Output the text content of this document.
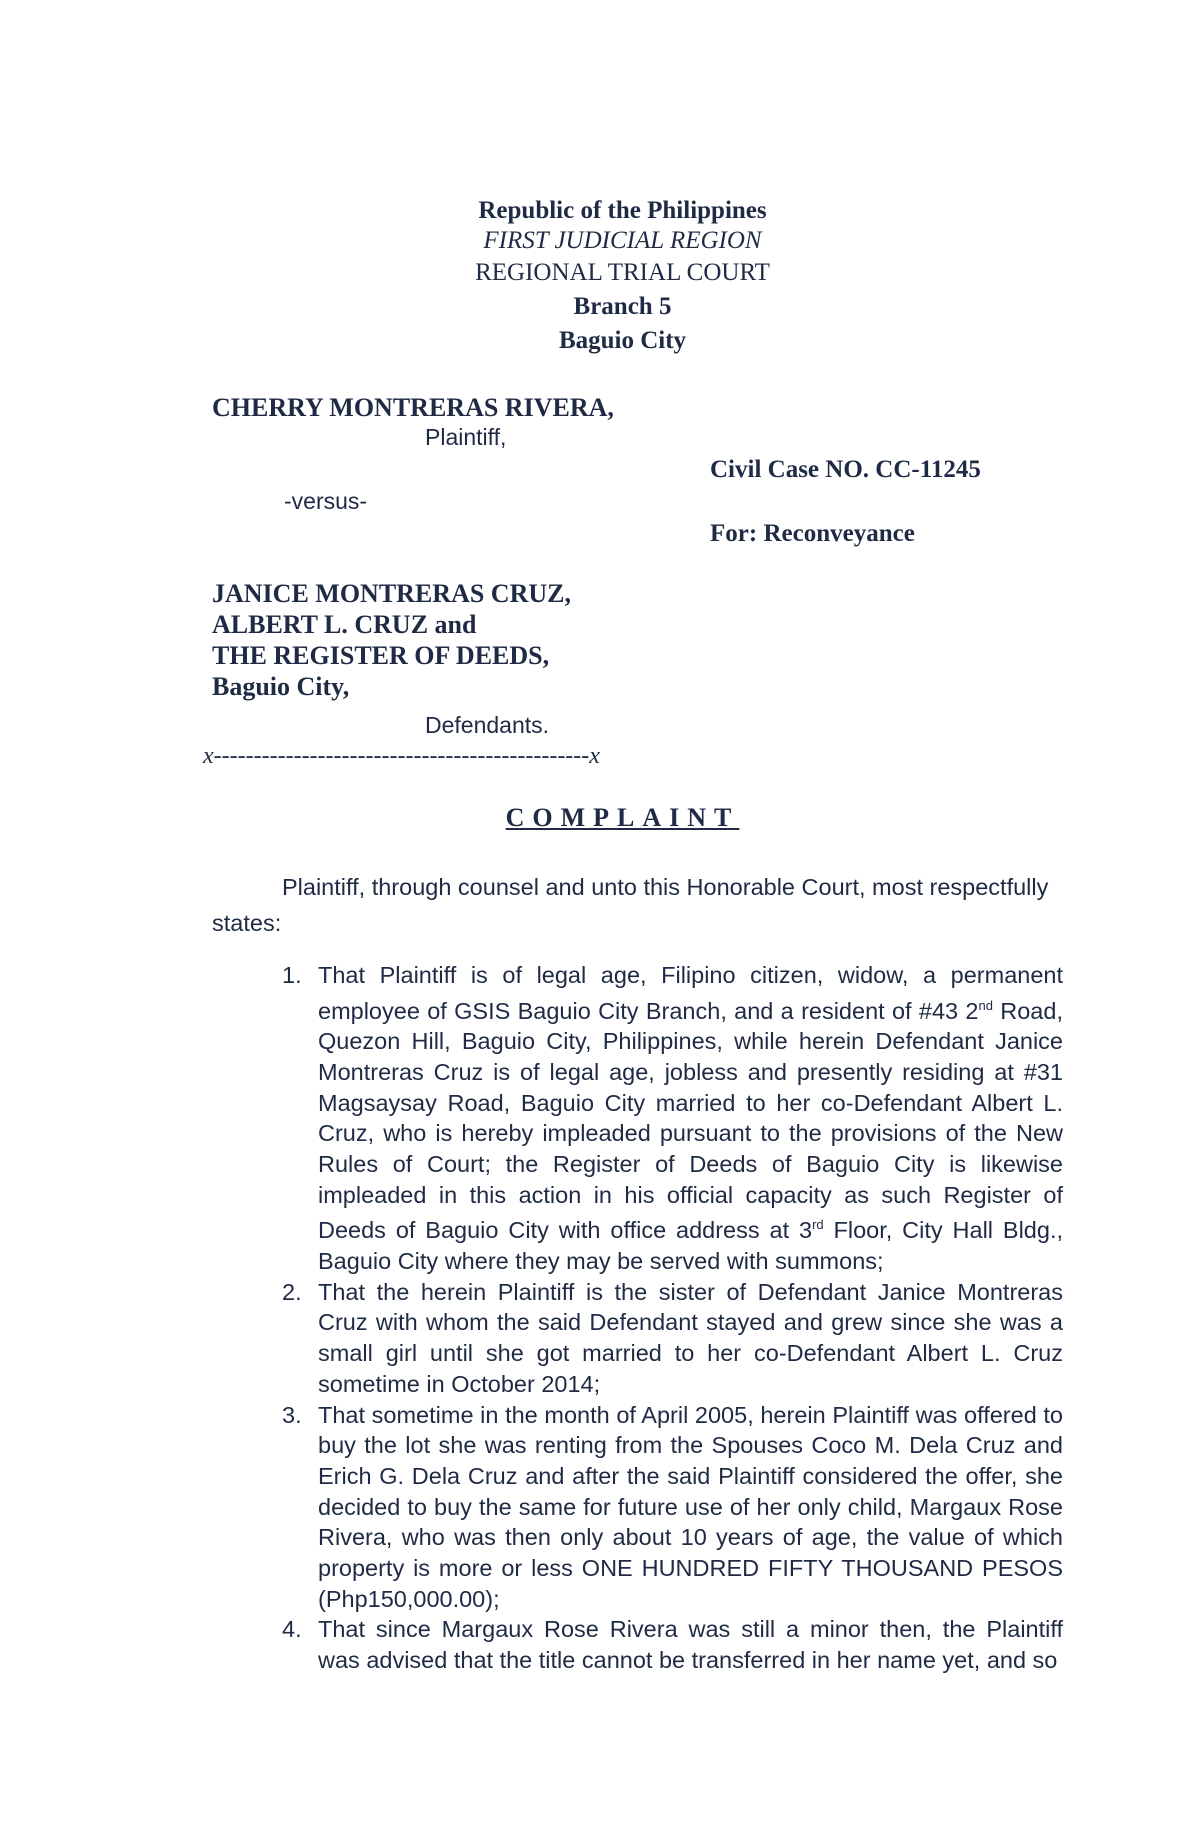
Republic of the Philippines
FIRST JUDICIAL REGION
REGIONAL TRIAL COURT
Branch 5
Baguio City
CHERRY MONTRERAS RIVERA,
Plaintiff,
Civil Case NO. CC-11245
-versus-
For: Reconveyance
JANICE MONTRERAS CRUZ,
ALBERT L. CRUZ and
THE REGISTER OF DEEDS,
Baguio City,
Defendants.
x-----------------------------------------------x
COMPLAINT
Plaintiff, through counsel and unto this Honorable Court, most respectfully
states:
1. That Plaintiff is of legal age, Filipino citizen, widow, a permanent employee of GSIS Baguio City Branch, and a resident of #43 2nd Road, Quezon Hill, Baguio City, Philippines, while herein Defendant Janice Montreras Cruz is of legal age, jobless and presently residing at #31 Magsaysay Road, Baguio City married to her co-Defendant Albert L. Cruz, who is hereby impleaded pursuant to the provisions of the New Rules of Court; the Register of Deeds of Baguio City is likewise impleaded in this action in his official capacity as such Register of Deeds of Baguio City with office address at 3rd Floor, City Hall Bldg., Baguio City where they may be served with summons;
2. That the herein Plaintiff is the sister of Defendant Janice Montreras Cruz with whom the said Defendant stayed and grew since she was a small girl until she got married to her co-Defendant Albert L. Cruz sometime in October 2014;
3. That sometime in the month of April 2005, herein Plaintiff was offered to buy the lot she was renting from the Spouses Coco M. Dela Cruz and Erich G. Dela Cruz and after the said Plaintiff considered the offer, she decided to buy the same for future use of her only child, Margaux Rose Rivera, who was then only about 10 years of age, the value of which property is more or less ONE HUNDRED FIFTY THOUSAND PESOS (Php150,000.00);
4. That since Margaux Rose Rivera was still a minor then, the Plaintiff was advised that the title cannot be transferred in her name yet, and so
